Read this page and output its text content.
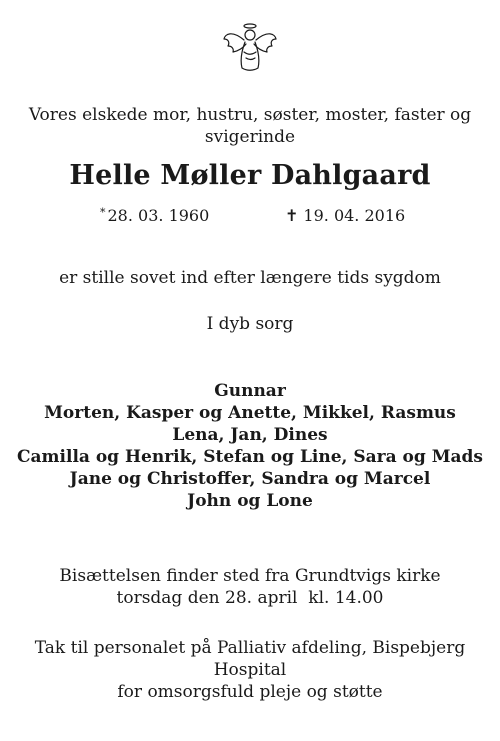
Vores elskede mor, hustru, søster, moster, faster og
svigerinde
Helle Møller Dahlgaard
* 28. 03. 1960	✝ 19. 04. 2016
er stille sovet ind efter længere tids sygdom
I dyb sorg
Gunnar
Morten, Kasper og Anette, Mikkel, Rasmus
Lena, Jan, Dines
Camilla og Henrik, Stefan og Line, Sara og Mads
Jane og Christoffer, Sandra og Marcel
John og Lone
Bisættelsen finder sted fra Grundtvigs kirke
torsdag den 28. april  kl. 14.00
Tak til personalet på Palliativ afdeling, Bispebjerg
Hospital
for omsorgsfuld pleje og støtte
